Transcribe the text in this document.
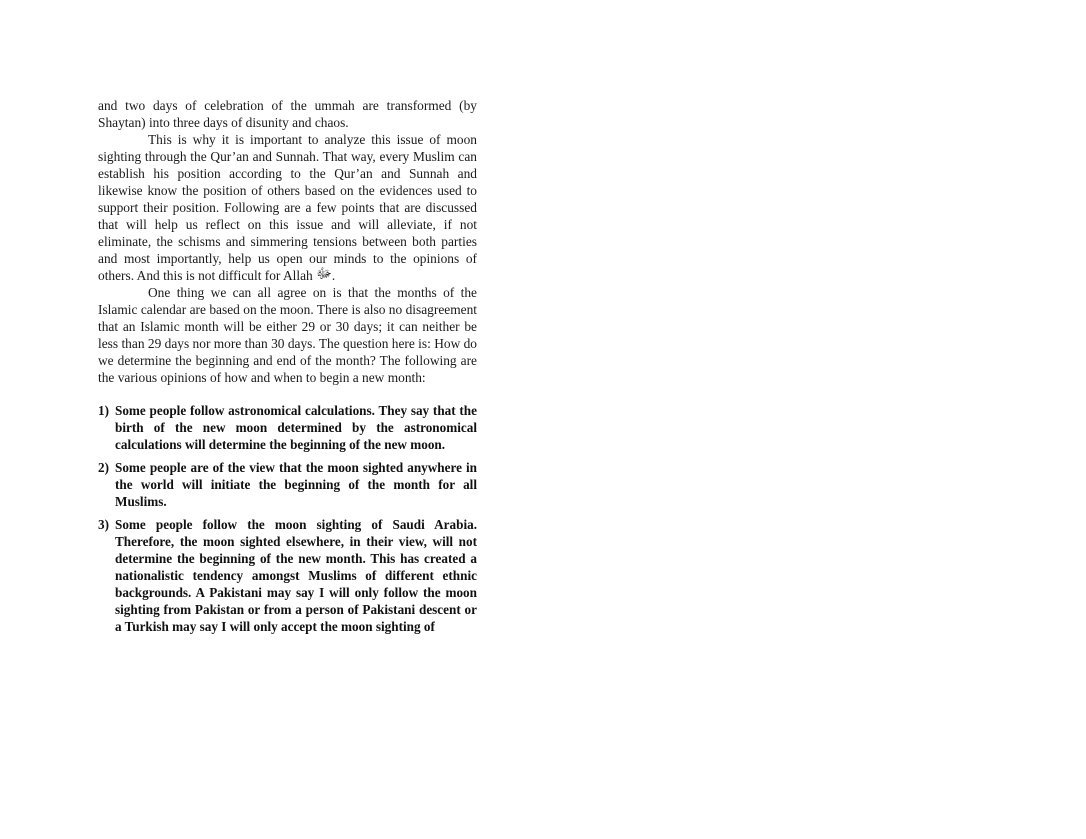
and two days of celebration of the ummah are transformed (by Shaytan) into three days of disunity and chaos.

This is why it is important to analyze this issue of moon sighting through the Qur’an and Sunnah. That way, every Muslim can establish his position according to the Qur’an and Sunnah and likewise know the position of others based on the evidences used to support their position. Following are a few points that are discussed that will help us reflect on this issue and will alleviate, if not eliminate, the schisms and simmering tensions between both parties and most importantly, help us open our minds to the opinions of others. And this is not difficult for Allah ﷻ.

One thing we can all agree on is that the months of the Islamic calendar are based on the moon. There is also no disagreement that an Islamic month will be either 29 or 30 days; it can neither be less than 29 days nor more than 30 days. The question here is: How do we determine the beginning and end of the month? The following are the various opinions of how and when to begin a new month:

1) Some people follow astronomical calculations. They say that the birth of the new moon determined by the astronomical calculations will determine the beginning of the new moon.
2) Some people are of the view that the moon sighted anywhere in the world will initiate the beginning of the month for all Muslims.
3) Some people follow the moon sighting of Saudi Arabia. Therefore, the moon sighted elsewhere, in their view, will not determine the beginning of the new month. This has created a nationalistic tendency amongst Muslims of different ethnic backgrounds. A Pakistani may say I will only follow the moon sighting from Pakistan or from a person of Pakistani descent or a Turkish may say I will only accept the moon sighting of
